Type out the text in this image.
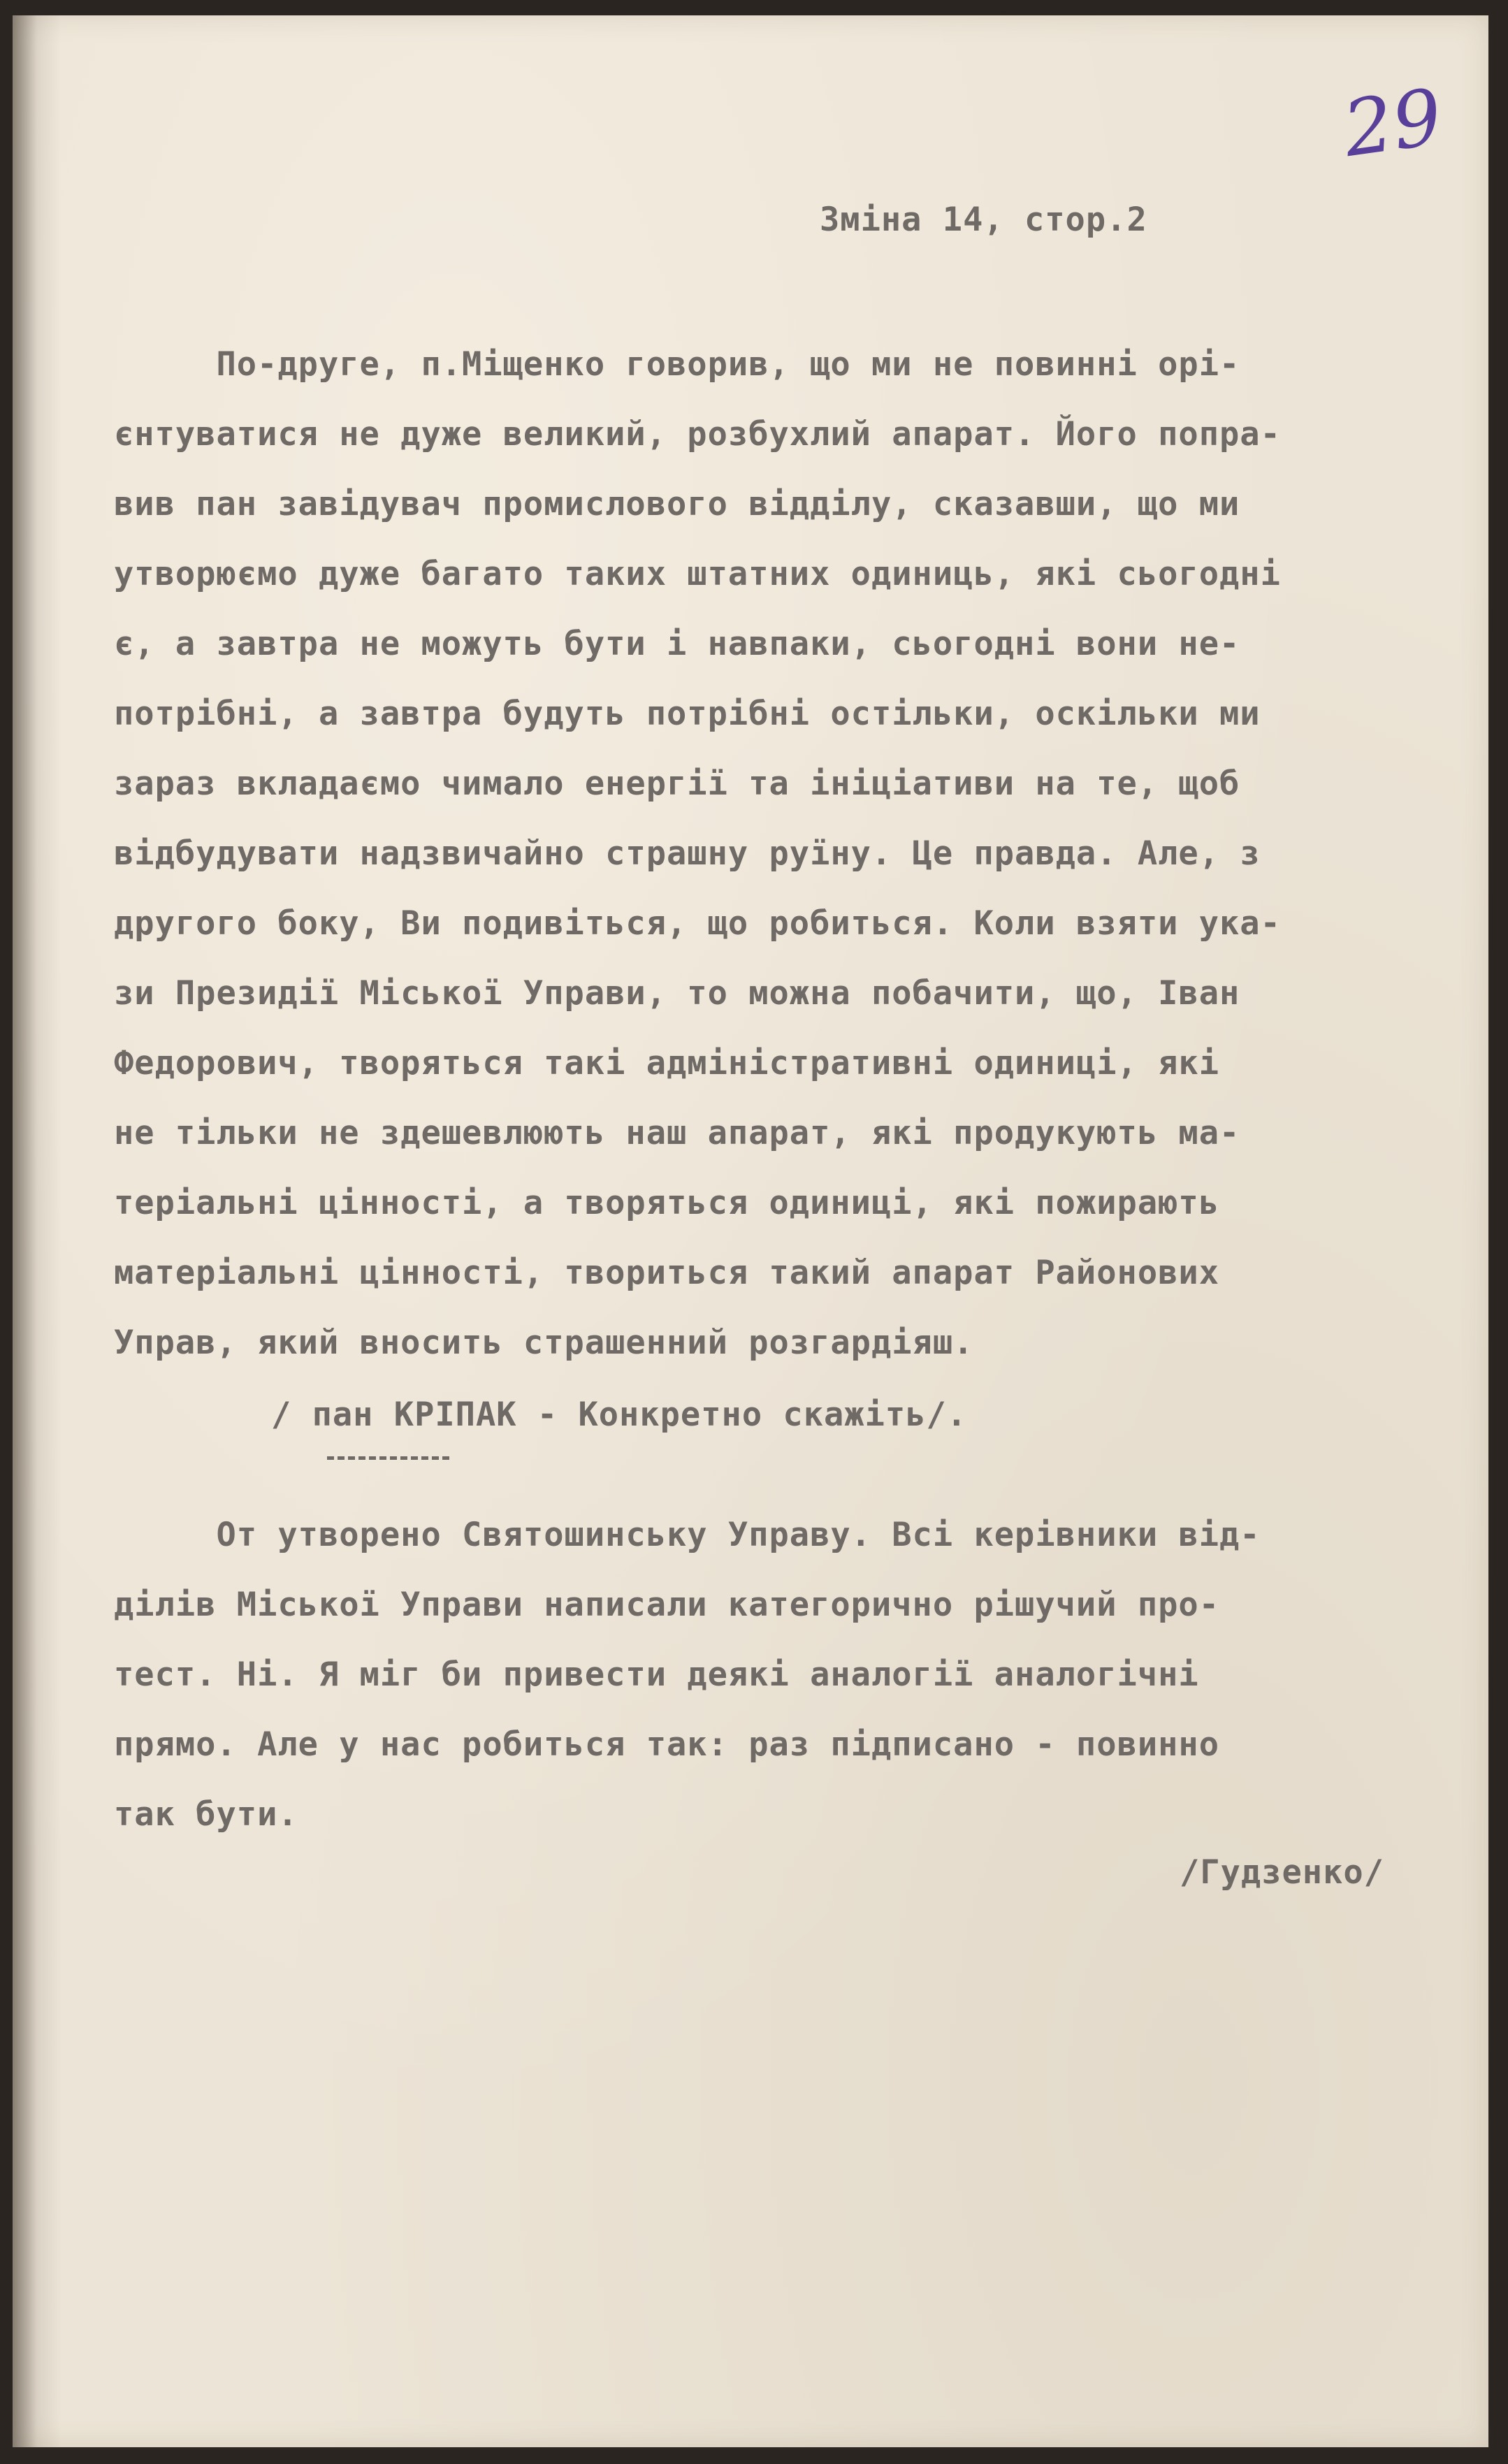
29

Зміна 14, стор.2

По-друге, п.Міщенко говорив, що ми не повинні орі-
єнтуватися не дуже великий, розбухлий апарат. Його попра-
вив пан завідувач промислового відділу, сказавши, що ми
утворюємо дуже багато таких штатних одиниць, які сьогодні
є, а завтра не можуть бути і навпаки, сьогодні вони не-
потрібні, а завтра будуть потрібні остільки, оскільки ми
зараз вкладаємо чимало енергії та ініціативи на те, щоб
відбудувати надзвичайно страшну руїну. Це правда. Але, з
другого боку, Ви подивіться, що робиться. Коли взяти ука-
зи Президії Міської Управи, то можна побачити, що, Іван
Федорович, творяться такі адміністративні одиниці, які
не тільки не здешевлюють наш апарат, які продукують ма-
теріальні цінності, а творяться одиниці, які пожирають
матеріальні цінності, твориться такий апарат Районових
Управ, який вносить страшенний розгардіяш.

/ пан КРІПАК - Конкретно скажіть/.

От утворено Святошинську Управу. Всі керівники від-
ділів Міської Управи написали категорично рішучий про-
тест. Ні. Я міг би привести деякі аналогії аналогічні
прямо. Але у нас робиться так: раз підписано - повинно
так бути.

/Гудзенко/
